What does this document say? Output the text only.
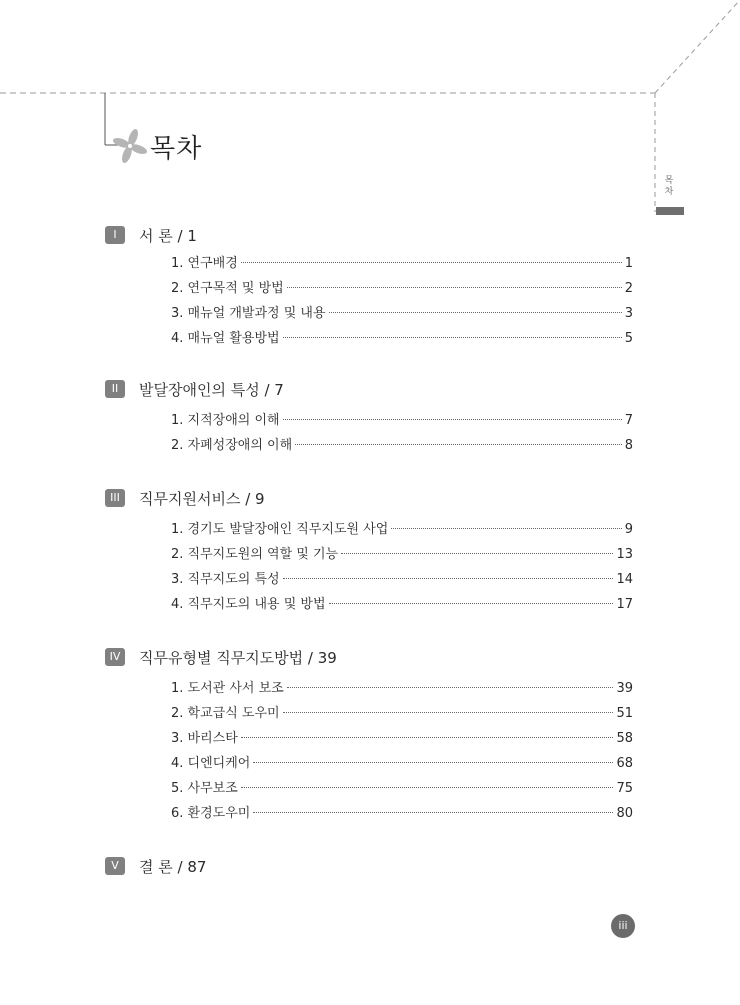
목차
목차
I	서 론 / 1
1. 연구배경	1
2. 연구목적 및 방법	2
3. 매뉴얼 개발과정 및 내용	3
4. 매뉴얼 활용방법	5
II	발달장애인의 특성 / 7
1. 지적장애의 이해	7
2. 자폐성장애의 이해	8
III	직무지원서비스 / 9
1. 경기도 발달장애인 직무지도원 사업	9
2. 직무지도원의 역할 및 기능	13
3. 직무지도의 특성	14
4. 직무지도의 내용 및 방법	17
IV	직무유형별 직무지도방법 / 39
1. 도서관 사서 보조	39
2. 학교급식 도우미	51
3. 바리스타	58
4. 디엔디케어	68
5. 사무보조	75
6. 환경도우미	80
V	결 론 / 87
iii
